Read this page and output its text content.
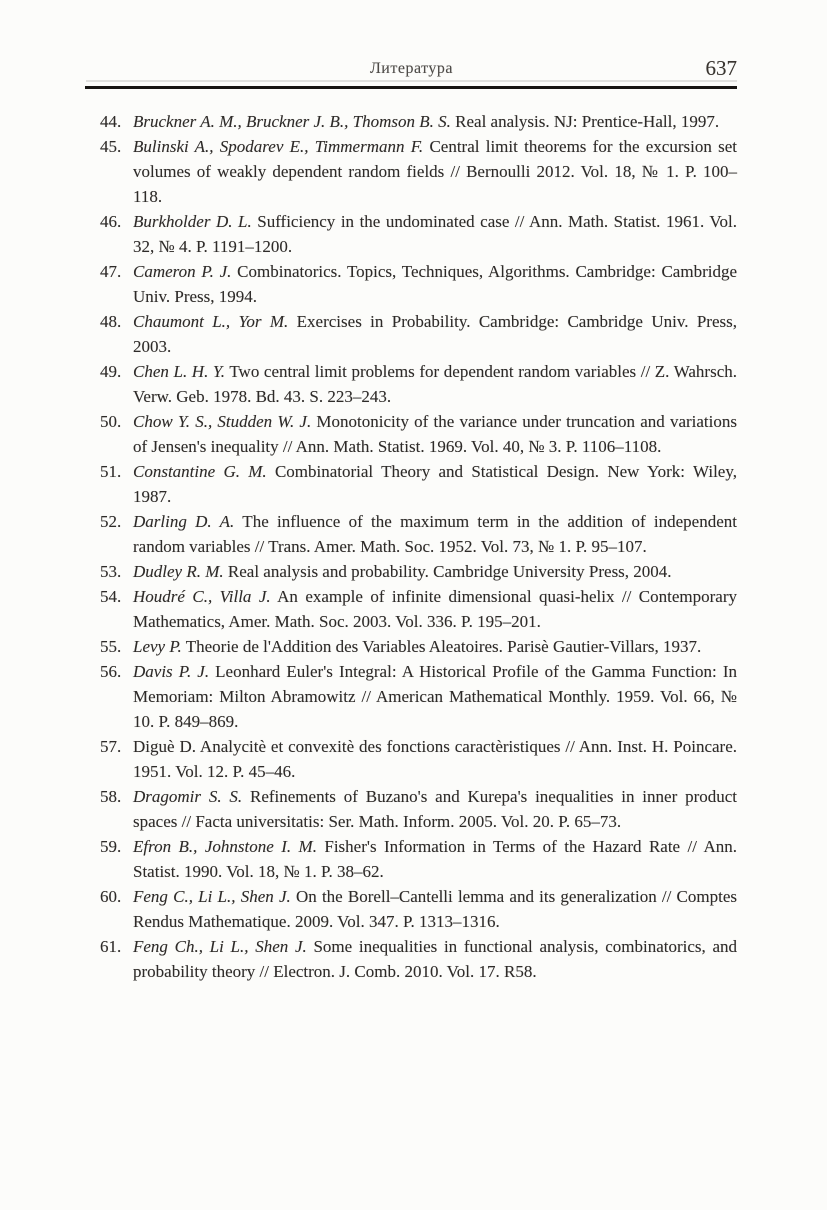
Литература	637
44. Bruckner A. M., Bruckner J. B., Thomson B. S. Real analysis. NJ: Prentice-Hall, 1997.
45. Bulinski A., Spodarev E., Timmermann F. Central limit theorems for the excursion set volumes of weakly dependent random fields // Bernoulli 2012. Vol. 18, № 1. P. 100–118.
46. Burkholder D. L. Sufficiency in the undominated case // Ann. Math. Statist. 1961. Vol. 32, № 4. P. 1191–1200.
47. Cameron P. J. Combinatorics. Topics, Techniques, Algorithms. Cambridge: Cambridge Univ. Press, 1994.
48. Chaumont L., Yor M. Exercises in Probability. Cambridge: Cambridge Univ. Press, 2003.
49. Chen L. H. Y. Two central limit problems for dependent random variables // Z. Wahrsch. Verw. Geb. 1978. Bd. 43. S. 223–243.
50. Chow Y. S., Studden W. J. Monotonicity of the variance under truncation and variations of Jensen's inequality // Ann. Math. Statist. 1969. Vol. 40, № 3. P. 1106–1108.
51. Constantine G. M. Combinatorial Theory and Statistical Design. New York: Wiley, 1987.
52. Darling D. A. The influence of the maximum term in the addition of independent random variables // Trans. Amer. Math. Soc. 1952. Vol. 73, № 1. P. 95–107.
53. Dudley R. M. Real analysis and probability. Cambridge University Press, 2004.
54. Houdré C., Villa J. An example of infinite dimensional quasi-helix // Contemporary Mathematics, Amer. Math. Soc. 2003. Vol. 336. P. 195–201.
55. Levy P. Theorie de l'Addition des Variables Aleatoires. Parisè Gautier-Villars, 1937.
56. Davis P. J. Leonhard Euler's Integral: A Historical Profile of the Gamma Function: In Memoriam: Milton Abramowitz // American Mathematical Monthly. 1959. Vol. 66, № 10. P. 849–869.
57. Diguè D. Analycitè et convexitè des fonctions caractèristiques // Ann. Inst. H. Poincare. 1951. Vol. 12. P. 45–46.
58. Dragomir S. S. Refinements of Buzano's and Kurepa's inequalities in inner product spaces // Facta universitatis: Ser. Math. Inform. 2005. Vol. 20. P. 65–73.
59. Efron B., Johnstone I. M. Fisher's Information in Terms of the Hazard Rate // Ann. Statist. 1990. Vol. 18, № 1. P. 38–62.
60. Feng C., Li L., Shen J. On the Borell–Cantelli lemma and its generalization // Comptes Rendus Mathematique. 2009. Vol. 347. P. 1313–1316.
61. Feng Ch., Li L., Shen J. Some inequalities in functional analysis, combinatorics, and probability theory // Electron. J. Comb. 2010. Vol. 17. R58.
